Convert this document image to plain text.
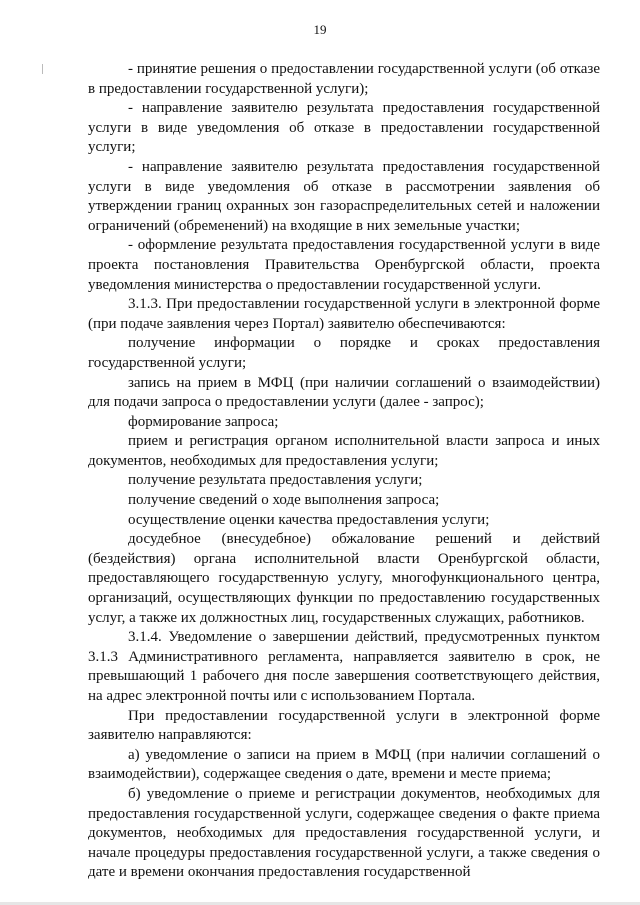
19

- принятие решения о предоставлении государственной услуги (об отказе в предоставлении государственной услуги);

- направление заявителю результата предоставления государственной услуги в виде уведомления об отказе в предоставлении государственной услуги;

- направление заявителю результата предоставления государственной услуги в виде уведомления об отказе в рассмотрении заявления об утверждении границ охранных зон газораспределительных сетей и наложении ограничений (обременений) на входящие в них земельные участки;

- оформление результата предоставления государственной услуги в виде проекта постановления Правительства Оренбургской области, проекта уведомления министерства о предоставлении государственной услуги.

3.1.3. При предоставлении государственной услуги в электронной форме (при подаче заявления через Портал) заявителю обеспечиваются:

получение информации о порядке и сроках предоставления государственной услуги;

запись на прием в МФЦ (при наличии соглашений о взаимодействии) для подачи запроса о предоставлении услуги (далее - запрос);

формирование запроса;

прием и регистрация органом исполнительной власти запроса и иных документов, необходимых для предоставления услуги;

получение результата предоставления услуги;

получение сведений о ходе выполнения запроса;

осуществление оценки качества предоставления услуги;

досудебное (внесудебное) обжалование решений и действий (бездействия) органа исполнительной власти Оренбургской области, предоставляющего государственную услугу, многофункционального центра, организаций, осуществляющих функции по предоставлению государственных услуг, а также их должностных лиц, государственных служащих, работников.

3.1.4. Уведомление о завершении действий, предусмотренных пунктом 3.1.3 Административного регламента, направляется заявителю в срок, не превышающий 1 рабочего дня после завершения соответствующего действия, на адрес электронной почты или с использованием Портала.

При предоставлении государственной услуги в электронной форме заявителю направляются:

а) уведомление о записи на прием в МФЦ (при наличии соглашений о взаимодействии), содержащее сведения о дате, времени и месте приема;

б) уведомление о приеме и регистрации документов, необходимых для предоставления государственной услуги, содержащее сведения о факте приема документов, необходимых для предоставления государственной услуги, и начале процедуры предоставления государственной услуги, а также сведения о дате и времени окончания предоставления государственной
